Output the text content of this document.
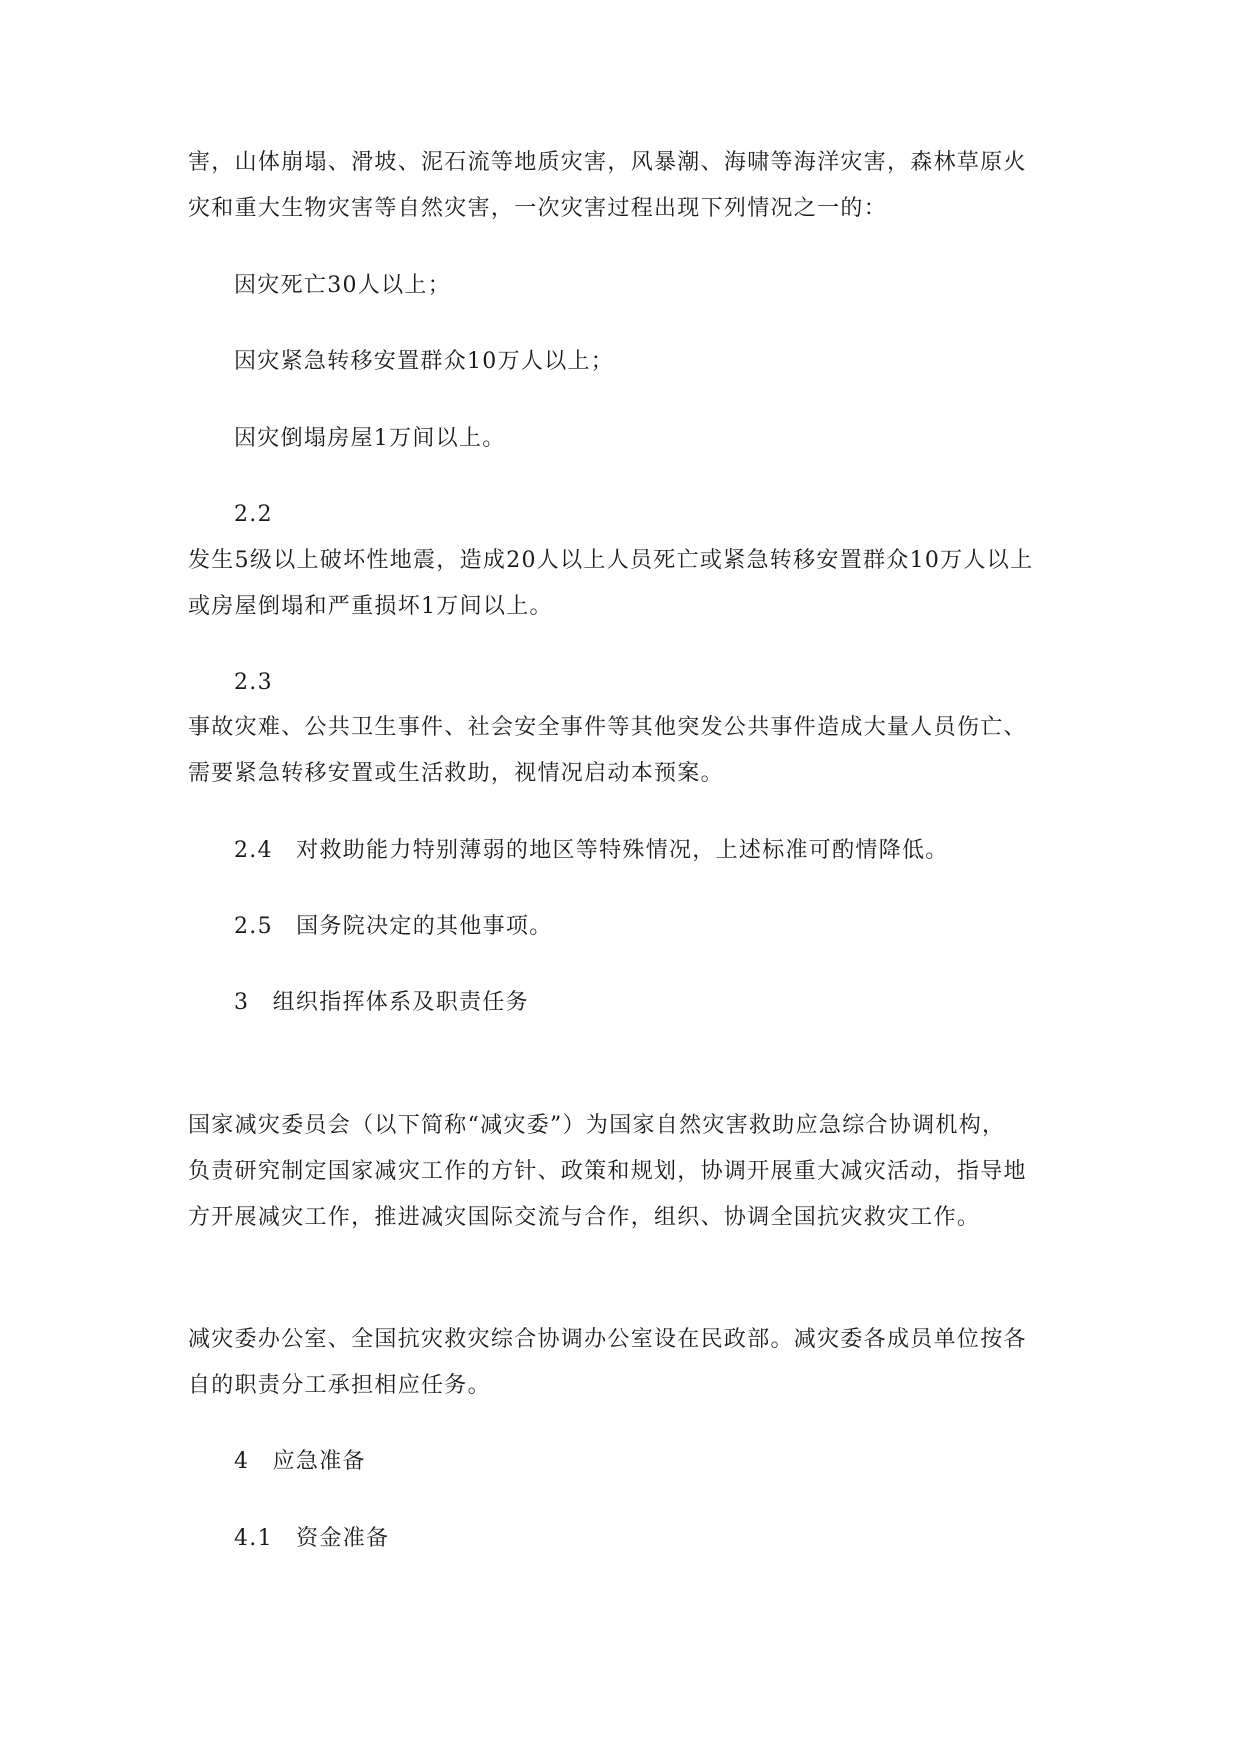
害，山体崩塌、滑坡、泥石流等地质灾害，风暴潮、海啸等海洋灾害，森林草原火
灾和重大生物灾害等自然灾害，一次灾害过程出现下列情况之一的：
因灾死亡30人以上；
因灾紧急转移安置群众10万人以上；
因灾倒塌房屋1万间以上。
2.2
发生5级以上破坏性地震，造成20人以上人员死亡或紧急转移安置群众10万人以上
或房屋倒塌和严重损坏1万间以上。
2.3
事故灾难、公共卫生事件、社会安全事件等其他突发公共事件造成大量人员伤亡、
需要紧急转移安置或生活救助，视情况启动本预案。
2.4　对救助能力特别薄弱的地区等特殊情况，上述标准可酌情降低。
2.5　国务院决定的其他事项。
3　组织指挥体系及职责任务
国家减灾委员会（以下简称“减灾委”）为国家自然灾害救助应急综合协调机构，
负责研究制定国家减灾工作的方针、政策和规划，协调开展重大减灾活动，指导地
方开展减灾工作，推进减灾国际交流与合作，组织、协调全国抗灾救灾工作。
减灾委办公室、全国抗灾救灾综合协调办公室设在民政部。减灾委各成员单位按各
自的职责分工承担相应任务。
4　应急准备
4.1　资金准备
